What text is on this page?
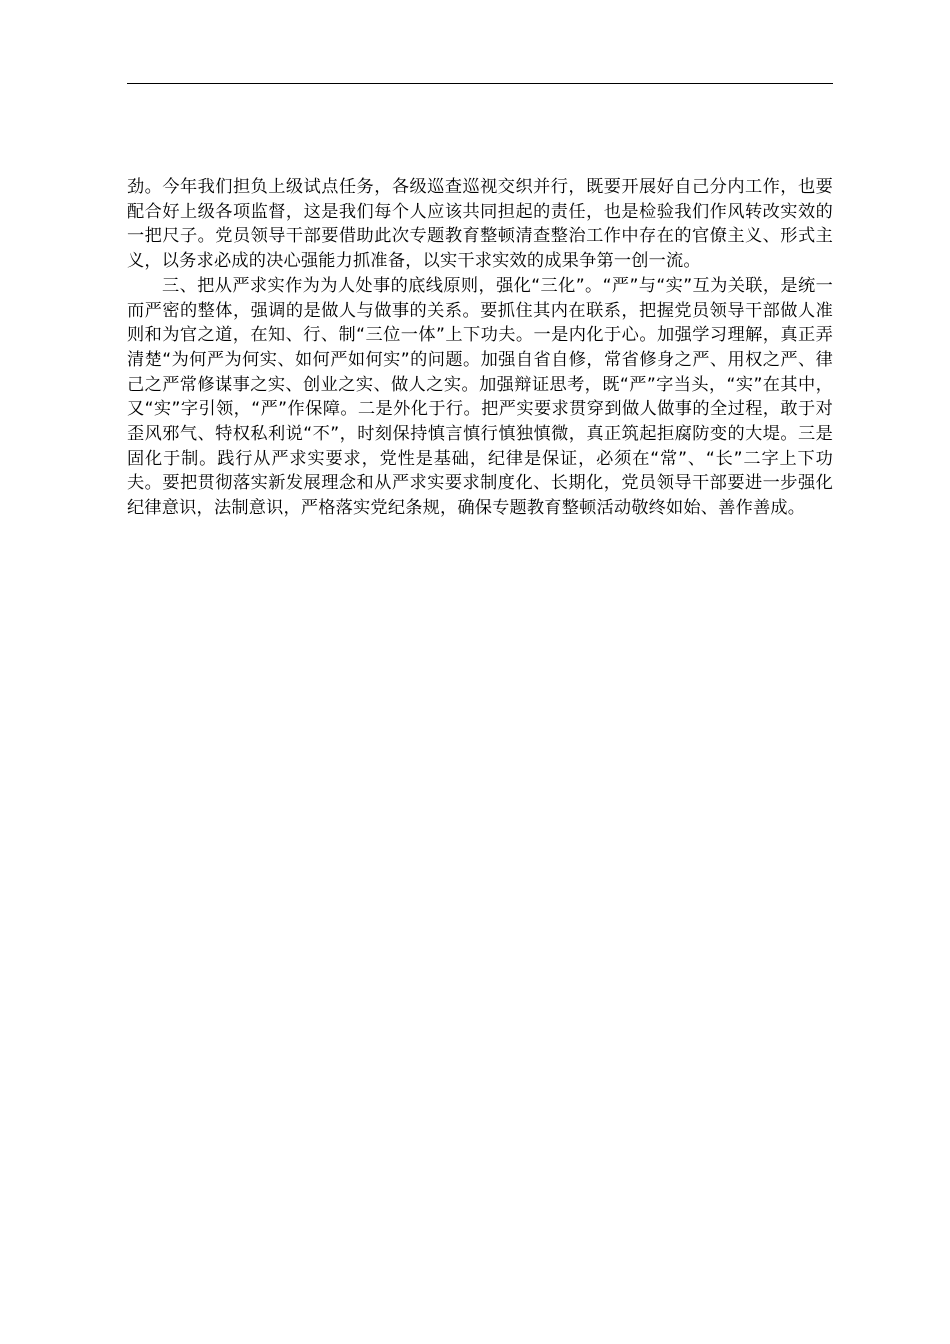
劲。今年我们担负上级试点任务，各级巡查巡视交织并行，既要开展好自己分内工作，也要配合好上级各项监督，这是我们每个人应该共同担起的责任，也是检验我们作风转改实效的一把尺子。党员领导干部要借助此次专题教育整顿清查整治工作中存在的官僚主义、形式主义，以务求必成的决心强能力抓准备，以实干求实效的成果争第一创一流。

三、把从严求实作为为人处事的底线原则，强化“三化”。“严”与“实”互为关联，是统一而严密的整体，强调的是做人与做事的关系。要抓住其内在联系，把握党员领导干部做人准则和为官之道，在知、行、制“三位一体”上下功夫。一是内化于心。加强学习理解，真正弄清楚“为何严为何实、如何严如何实”的问题。加强自省自修，常省修身之严、用权之严、律己之严常修谋事之实、创业之实、做人之实。加强辩证思考，既“严”字当头，“实”在其中，又“实”字引领，“严”作保障。二是外化于行。把严实要求贯穿到做人做事的全过程，敢于对歪风邪气、特权私利说“不”，时刻保持慎言慎行慎独慎微，真正筑起拒腐防变的大堤。三是固化于制。践行从严求实要求，党性是基础，纪律是保证，必须在“常”、“长”二字上下功夫。要把贯彻落实新发展理念和从严求实要求制度化、长期化，党员领导干部要进一步强化纪律意识，法制意识，严格落实党纪条规，确保专题教育整顿活动敬终如始、善作善成。
